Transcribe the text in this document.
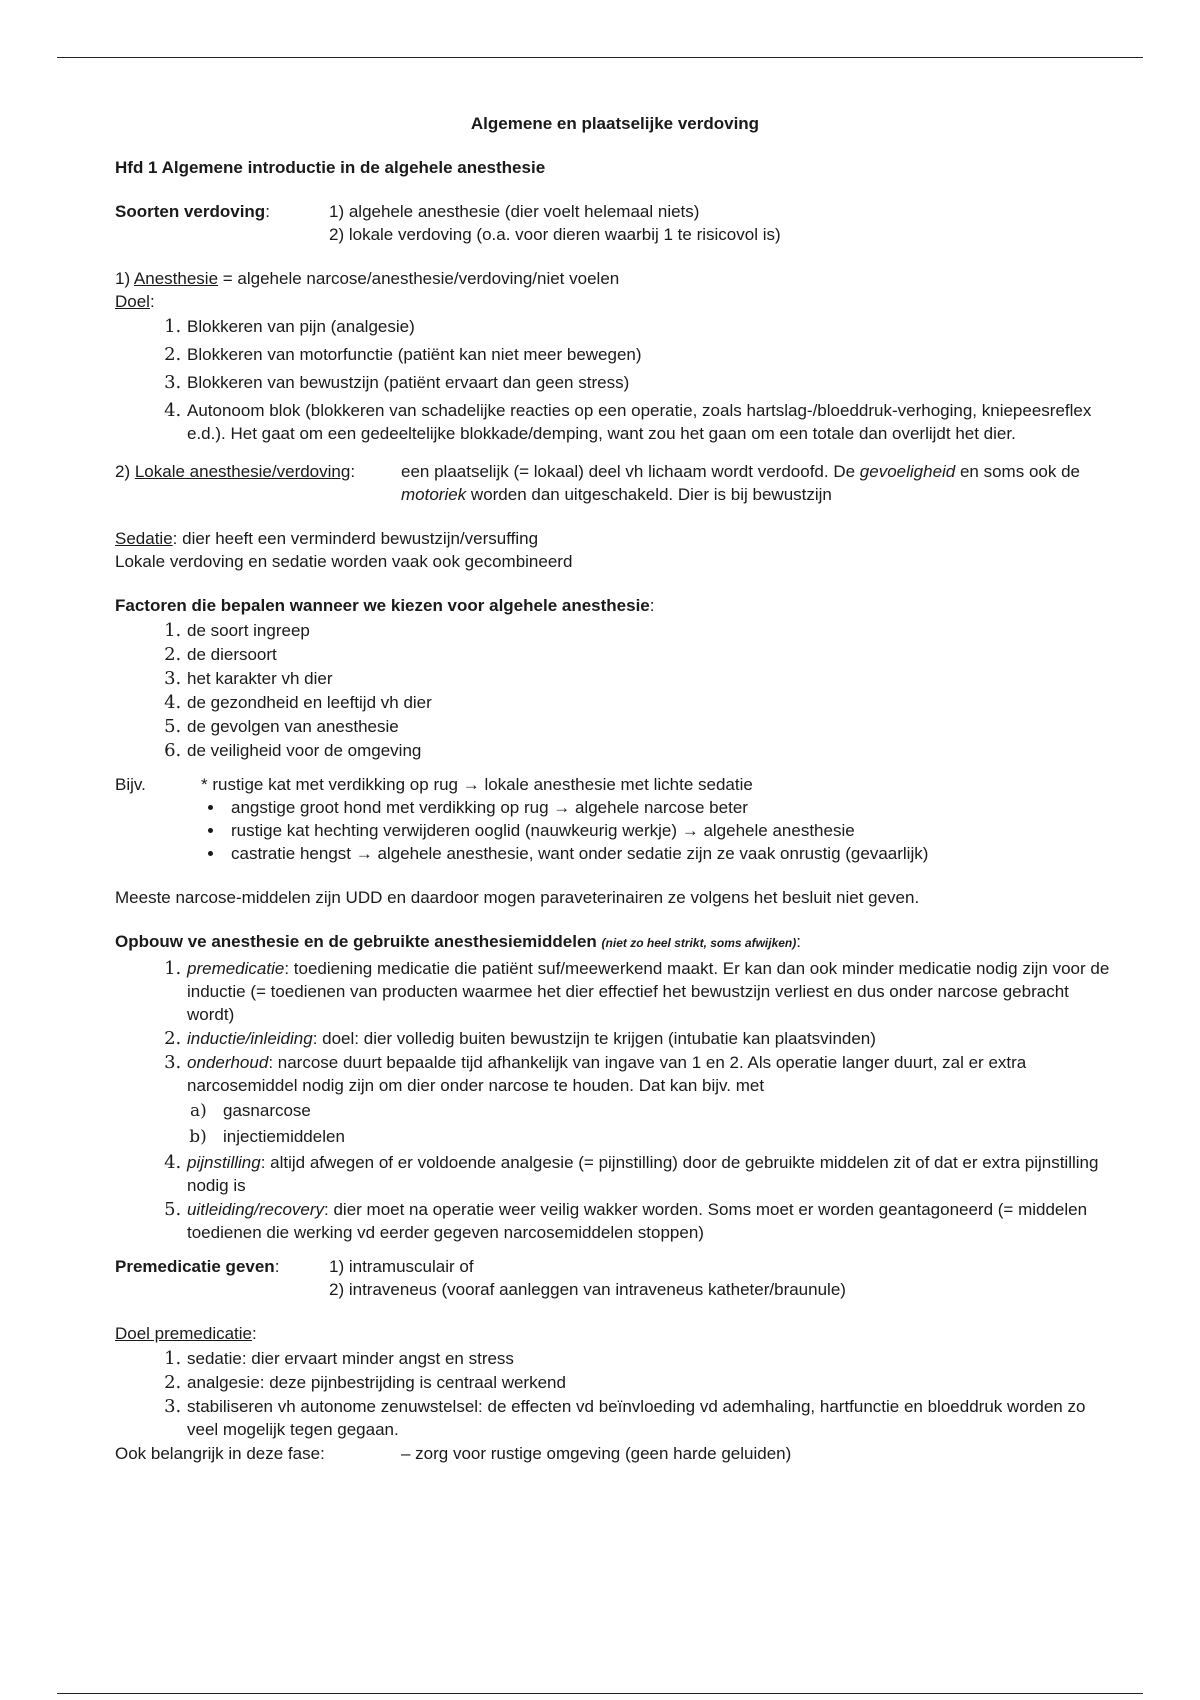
Algemene en plaatselijke verdoving
Hfd 1 Algemene introductie in de algehele anesthesie
Soorten verdoving:	1) algehele anesthesie (dier voelt helemaal niets)
2) lokale verdoving (o.a. voor dieren waarbij 1 te risicovol is)
1) Anesthesie = algehele narcose/anesthesie/verdoving/niet voelen
Doel:
1. Blokkeren van pijn (analgesie)
2. Blokkeren van motorfunctie (patiënt kan niet meer bewegen)
3. Blokkeren van bewustzijn (patiënt ervaart dan geen stress)
4. Autonoom blok (blokkeren van schadelijke reacties op een operatie, zoals hartslag-/bloeddruk-verhoging, kniepeesreflex e.d.). Het gaat om een gedeeltelijke blokkade/demping, want zou het gaan om een totale dan overlijdt het dier.
2) Lokale anesthesie/verdoving:	een plaatselijk (= lokaal) deel vh lichaam wordt verdoofd. De gevoeligheid en soms ook de motoriek worden dan uitgeschakeld. Dier is bij bewustzijn
Sedatie: dier heeft een verminderd bewustzijn/versuffing
Lokale verdoving en sedatie worden vaak ook gecombineerd
Factoren die bepalen wanneer we kiezen voor algehele anesthesie:
1. de soort ingreep
2. de diersoort
3. het karakter vh dier
4. de gezondheid en leeftijd vh dier
5. de gevolgen van anesthesie
6. de veiligheid voor de omgeving
Bijv.	* rustige kat met verdikking op rug → lokale anesthesie met lichte sedatie
• angstige groot hond met verdikking op rug → algehele narcose beter
• rustige kat hechting verwijderen ooglid (nauwkeurig werkje) → algehele anesthesie
• castratie hengst → algehele anesthesie, want onder sedatie zijn ze vaak onrustig (gevaarlijk)
Meeste narcose-middelen zijn UDD en daardoor mogen paraveterinairen ze volgens het besluit niet geven.
Opbouw ve anesthesie en de gebruikte anesthesiemiddelen (niet zo heel strikt, soms afwijken):
1. premedicatie: toediening medicatie die patiënt suf/meewerkend maakt. Er kan dan ook minder medicatie nodig zijn voor de inductie (= toedienen van producten waarmee het dier effectief het bewustzijn verliest en dus onder narcose gebracht wordt)
2. inductie/inleiding: doel: dier volledig buiten bewustzijn te krijgen (intubatie kan plaatsvinden)
3. onderhoud: narcose duurt bepaalde tijd afhankelijk van ingave van 1 en 2. Als operatie langer duurt, zal er extra narcosemiddel nodig zijn om dier onder narcose te houden. Dat kan bijv. met
a. gasnarcose
b. injectiemiddelen
4. pijnstilling: altijd afwegen of er voldoende analgesie (= pijnstilling) door de gebruikte middelen zit of dat er extra pijnstilling nodig is
5. uitleiding/recovery: dier moet na operatie weer veilig wakker worden. Soms moet er worden geantagoneerd (= middelen toedienen die werking vd eerder gegeven narcosemiddelen stoppen)
Premedicatie geven:	1) intramusculair of
2) intraveneus (vooraf aanleggen van intraveneus katheter/braunule)
Doel premedicatie:
1. sedatie: dier ervaart minder angst en stress
2. analgesie: deze pijnbestrijding is centraal werkend
3. stabiliseren vh autonome zenuwstelsel: de effecten vd beïnvloeding vd ademhaling, hartfunctie en bloeddruk worden zo veel mogelijk tegen gegaan.
Ook belangrijk in deze fase:	– zorg voor rustige omgeving (geen harde geluiden)
